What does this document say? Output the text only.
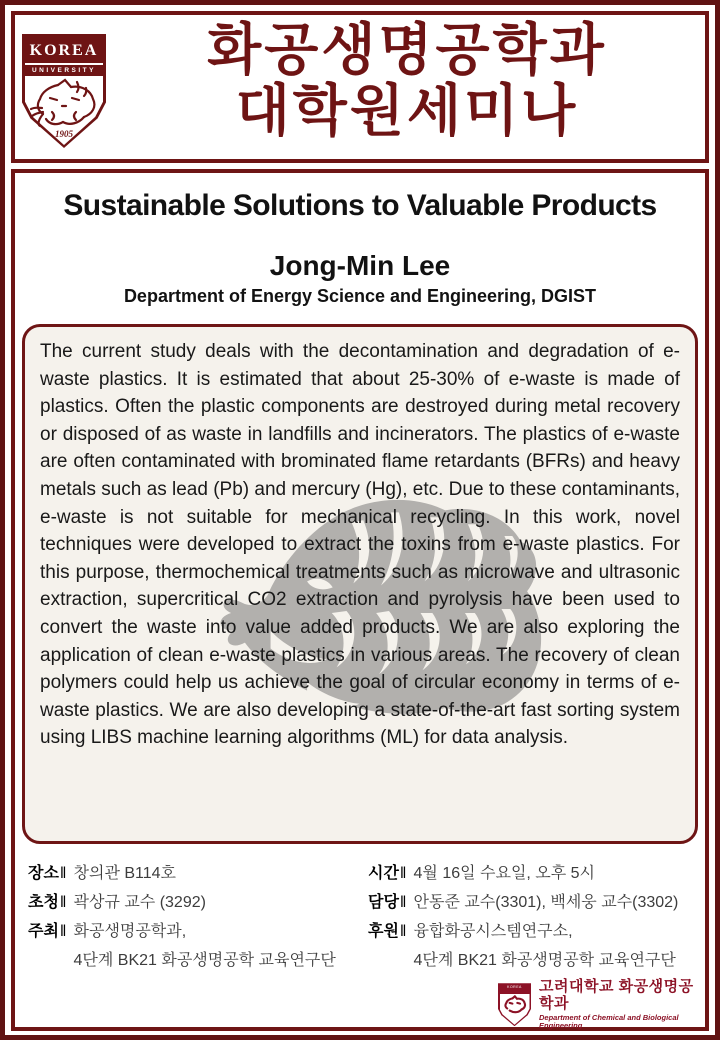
KOREA
UNIVERSITY
1905
화공생명공학과
대학원세미나
Sustainable Solutions to Valuable Products
Jong-Min Lee
Department of Energy Science and Engineering, DGIST

The current study deals with the decontamination and degradation of e-waste plastics. It is estimated that about 25-30% of e-waste is made of plastics. Often the plastic components are destroyed during metal recovery or disposed of as waste in landfills and incinerators. The plastics of e-waste are often contaminated with brominated flame retardants (BFRs) and heavy metals such as lead (Pb) and mercury (Hg), etc. Due to these contaminants, e-waste is not suitable for mechanical recycling. In this work, novel techniques were developed to extract the toxins from e-waste plastics. For this purpose, thermochemical treatments such as microwave and ultrasonic extraction, supercritical CO2 extraction and pyrolysis have been used to convert the waste into value added products. We are also exploring the application of clean e-waste plastics in various areas. The recovery of clean polymers could help us achieve the goal of circular economy in terms of e-waste plastics. We are also developing a state-of-the-art fast sorting system using LIBS machine learning algorithms (ML) for data analysis.

장소 ‖ 창의관 B114호
초청 ‖ 곽상규 교수 (3292)
주최 ‖ 화공생명공학과,
4단계 BK21 화공생명공학 교육연구단
시간 ‖ 4월 16일 수요일, 오후 5시
담당 ‖ 안동준 교수(3301), 백세웅 교수(3302)
후원 ‖ 융합화공시스템연구소,
4단계 BK21 화공생명공학 교육연구단
KOREA	고려대학교 화공생명공학과
Department of Chemical and Biological Engineering
